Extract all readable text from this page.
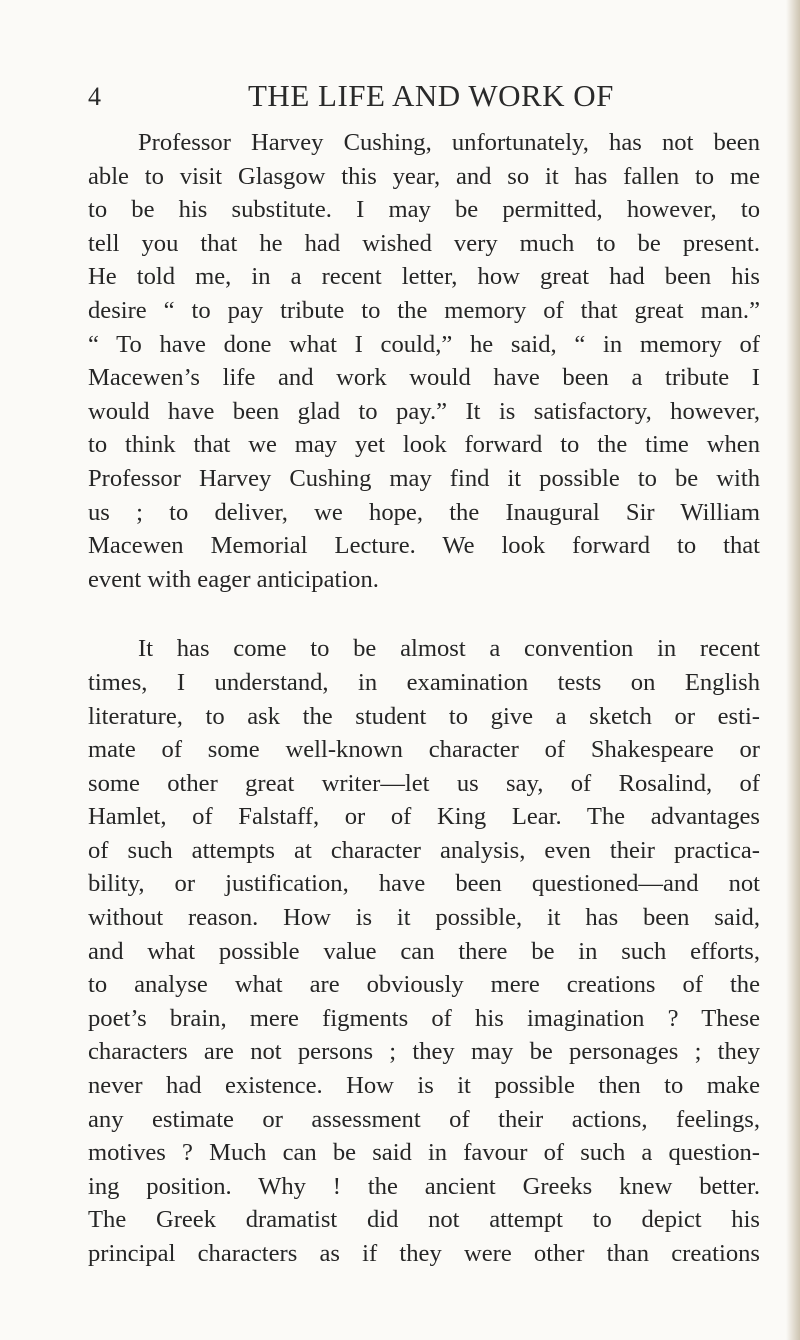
4	THE LIFE AND WORK OF
Professor Harvey Cushing, unfortunately, has not been
able to visit Glasgow this year, and so it has fallen to me
to be his substitute. I may be permitted, however, to
tell you that he had wished very much to be present.
He told me, in a recent letter, how great had been his
desire “ to pay tribute to the memory of that great man.”
“ To have done what I could,” he said, “ in memory of
Macewen’s life and work would have been a tribute I
would have been glad to pay.” It is satisfactory, however,
to think that we may yet look forward to the time when
Professor Harvey Cushing may find it possible to be with
us ; to deliver, we hope, the Inaugural Sir William
Macewen Memorial Lecture. We look forward to that
event with eager anticipation.
It has come to be almost a convention in recent
times, I understand, in examination tests on English
literature, to ask the student to give a sketch or esti-
mate of some well-known character of Shakespeare or
some other great writer—let us say, of Rosalind, of
Hamlet, of Falstaff, or of King Lear. The advantages
of such attempts at character analysis, even their practica-
bility, or justification, have been questioned—and not
without reason. How is it possible, it has been said,
and what possible value can there be in such efforts,
to analyse what are obviously mere creations of the
poet’s brain, mere figments of his imagination ? These
characters are not persons ; they may be personages ; they
never had existence. How is it possible then to make
any estimate or assessment of their actions, feelings,
motives ? Much can be said in favour of such a question-
ing position. Why ! the ancient Greeks knew better.
The Greek dramatist did not attempt to depict his
principal characters as if they were other than creations
